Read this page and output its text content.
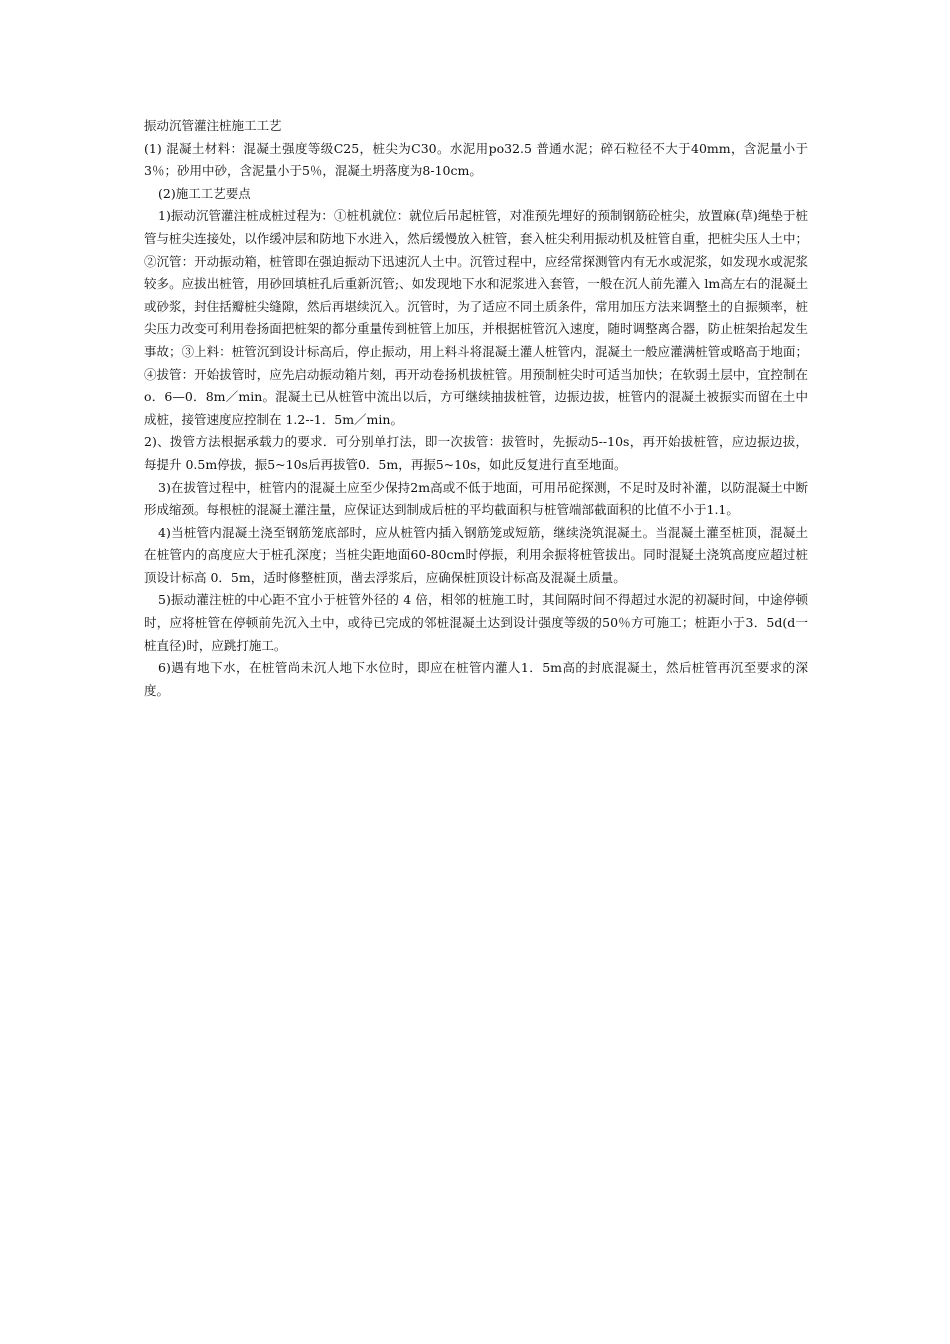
振动沉管灌注桩施工工艺

(1) 混凝土材料：混凝土强度等级C25，桩尖为C30。水泥用po32.5 普通水泥；碎石粒径不大于40mm，含泥量小于 3％；砂用中砂，含泥量小于5％，混凝土坍落度为8-10cm。

(2)施工工艺要点

1)振动沉管灌注桩成桩过程为：①桩机就位：就位后吊起桩管，对准预先埋好的预制钢筋砼桩尖，放置麻(草)绳垫于桩管与桩尖连接处，以作缓冲层和防地下水进入，然后缓慢放入桩管，套入桩尖利用振动机及桩管自重，把桩尖压人土中；②沉管：开动振动箱，桩管即在强迫振动下迅速沉人土中。沉管过程中，应经常探测管内有无水或泥浆，如发现水或泥浆较多。应拔出桩管，用砂回填桩孔后重新沉管;、如发现地下水和泥浆进入套管，一般在沉人前先灌入 lm高左右的混凝土或砂浆，封住括瓣桩尖缝隙，然后再堪续沉入。沉管时，为了适应不同土质条件，常用加压方法来调整土的自振频率，桩尖压力改变可利用卷扬面把桩架的都分重量传到桩管上加压，并根据桩管沉入速度，随时调整离合器，防止桩架抬起发生事故；③上料：桩管沉到设计标高后，停止振动，用上料斗将混凝土灌人桩管内，混凝土一般应灌满桩管或略高于地面；④拔管：开始拔管时，应先启动振动箱片刻，再开动卷扬机拔桩管。用预制桩尖时可适当加快；在软弱土层中，宜控制在o．6—0．8m／min。混凝土已从桩管中流出以后，方可继续抽拔桩管，边振边拔，桩管内的混凝土被振实而留在土中成桩，接管速度应控制在 1.2--1．5m／min。

2)、拨管方法根据承载力的要求．可分别单打法，即一次拔管：拔管时，先振动5--10s，再开始拔桩管，应边振边拔，每提升 0.5m停拔，振5~10s后再拔管0．5m，再振5~10s，如此反复进行直至地面。

3)在拔管过程中，桩管内的混凝土应至少保持2m高或不低于地面，可用吊砣探测，不足时及时补灌，以防混凝土中断形成缩颈。每根桩的混凝土灌注量，应保证达到制成后桩的平均截面积与桩管端部截面积的比值不小于1.1。

4)当桩管内混凝土浇至钢筋笼底部时，应从桩管内插入钢筋笼或短筋，继续浇筑混凝土。当混凝土灌至桩顶，混凝土在桩管内的高度应大于桩孔深度；当桩尖距地面60-80cm时停振，利用余振将桩管拔出。同时混疑土浇筑高度应超过桩顶设计标高 0．5m，适时修整桩顶，凿去浮浆后，应确保桩顶设计标高及混凝土质量。

5)振动灌注桩的中心距不宜小于桩管外径的 4 倍，相邻的桩施工时，其间隔时间不得超过水泥的初凝时间，中途停顿时，应将桩管在停顿前先沉入土中，或待已完成的邻桩混凝土达到设计强度等级的50％方可施工；桩距小于3．5d(d一桩直径)时，应跳打施工。

6)遇有地下水，在桩管尚未沉人地下水位时，即应在桩管内灌人1．5m高的封底混凝土，然后桩管再沉至要求的深度。
